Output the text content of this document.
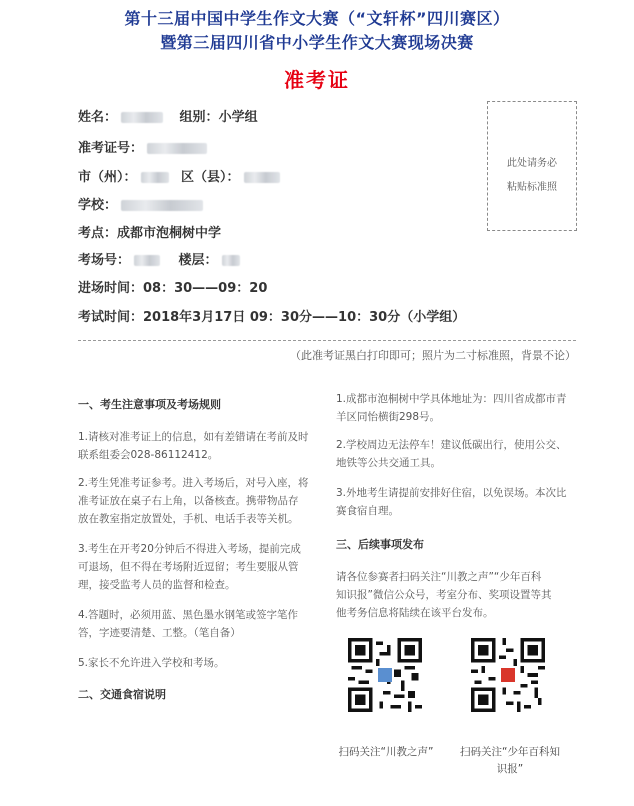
第十三届中国中学生作文大赛（“文轩杯”四川赛区）
暨第三届四川省中小学生作文大赛现场决赛
准考证
姓名：	组别：小学组
准考证号：
市（州）：	区（县）：
学校：
考点：成都市泡桐树中学
考场号：	楼层：
进场时间：08：30——09：20
考试时间：2018年3月17日 09：30分——10：30分（小学组）
此处请务必
粘贴标准照
（此准考证黑白打印即可；照片为二寸标准照，背景不论）

一、考生注意事项及考场规则

1.请核对准考证上的信息，如有差错请在考前及时

联系组委会028-86112412。

2.考生凭准考证参考。进入考场后，对号入座，将

准考证放在桌子右上角，以备核查。携带物品存

放在教室指定放置处，手机、电话手表等关机。

3.考生在开考20分钟后不得进入考场，提前完成

可退场，但不得在考场附近逗留；考生要服从管

理，接受监考人员的监督和检查。

4.答题时，必须用蓝、黑色墨水钢笔或签字笔作

答，字迹要清楚、工整。（笔自备）

5.家长不允许进入学校和考场。

二、交通食宿说明

1.成都市泡桐树中学具体地址为：四川省成都市青

羊区同怡横街298号。

2.学校周边无法停车！建议低碳出行，使用公交、

地铁等公共交通工具。

3.外地考生请提前安排好住宿，以免误场。本次比

赛食宿自理。

三、后续事项发布

请各位参赛者扫码关注“川教之声”“少年百科

知识报”微信公众号，考室分布、奖项设置等其

他考务信息将陆续在该平台发布。

扫码关注“川教之声”	扫码关注“少年百科知
识报”
